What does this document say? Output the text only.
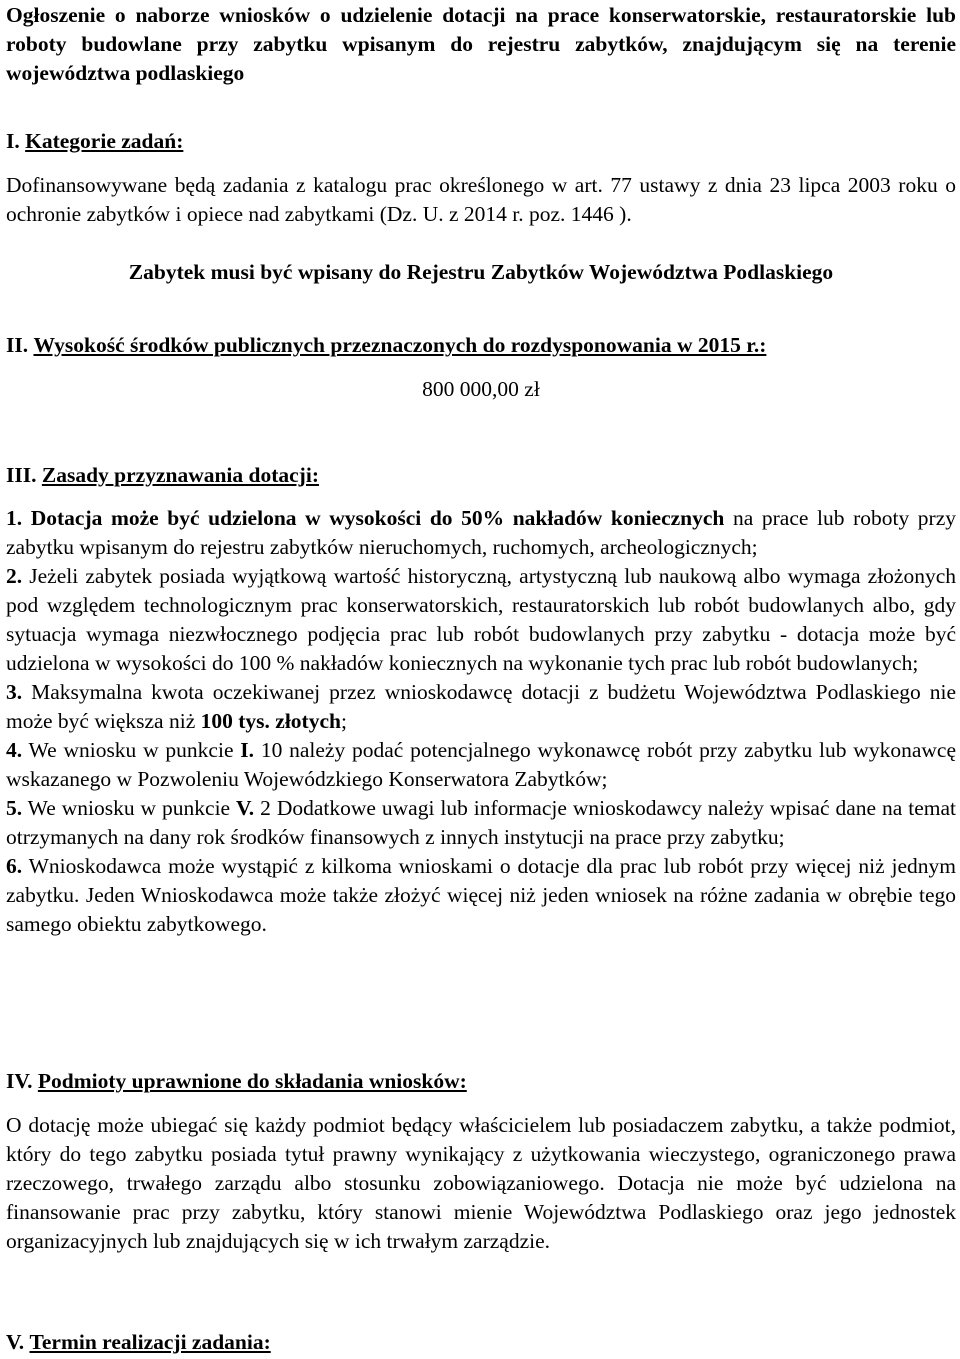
Ogłoszenie o naborze wniosków o udzielenie dotacji na prace konserwatorskie, restauratorskie lub roboty budowlane przy zabytku wpisanym do rejestru zabytków, znajdującym się na terenie województwa podlaskiego

I. Kategorie zadań:

Dofinansowywane będą zadania z katalogu prac określonego w art. 77 ustawy z dnia 23 lipca 2003 roku o ochronie zabytków i opiece nad zabytkami (Dz. U. z 2014 r. poz. 1446 ).

Zabytek musi być wpisany do Rejestru Zabytków Województwa Podlaskiego

II. Wysokość środków publicznych przeznaczonych do rozdysponowania w 2015 r.:

800 000,00 zł

III. Zasady przyznawania dotacji:

1. Dotacja może być udzielona w wysokości do 50% nakładów koniecznych na prace lub roboty przy zabytku wpisanym do rejestru zabytków nieruchomych, ruchomych, archeologicznych;

2. Jeżeli zabytek posiada wyjątkową wartość historyczną, artystyczną lub naukową albo wymaga złożonych pod względem technologicznym prac konserwatorskich, restauratorskich lub robót budowlanych albo, gdy sytuacja wymaga niezwłocznego podjęcia prac lub robót budowlanych przy zabytku - dotacja może być udzielona w wysokości do 100 % nakładów koniecznych na wykonanie tych prac lub robót budowlanych;

3. Maksymalna kwota oczekiwanej przez wnioskodawcę dotacji z budżetu Województwa Podlaskiego nie może być większa niż 100 tys. złotych;

4. We wniosku w punkcie I. 10 należy podać potencjalnego wykonawcę robót przy zabytku lub wykonawcę wskazanego w Pozwoleniu Wojewódzkiego Konserwatora Zabytków;

5. We wniosku w punkcie V. 2 Dodatkowe uwagi lub informacje wnioskodawcy należy wpisać dane na temat otrzymanych na dany rok środków finansowych z innych instytucji na prace przy zabytku;

6. Wnioskodawca może wystąpić z kilkoma wnioskami o dotacje dla prac lub robót przy więcej niż jednym zabytku. Jeden Wnioskodawca może także złożyć więcej niż jeden wniosek na różne zadania w obrębie tego samego obiektu zabytkowego.

IV. Podmioty uprawnione do składania wniosków:

O dotację może ubiegać się każdy podmiot będący właścicielem lub posiadaczem zabytku, a także podmiot, który do tego zabytku posiada tytuł prawny wynikający z użytkowania wieczystego, ograniczonego prawa rzeczowego, trwałego zarządu albo stosunku zobowiązaniowego. Dotacja nie może być udzielona na finansowanie prac przy zabytku, który stanowi mienie Województwa Podlaskiego oraz jego jednostek organizacyjnych lub znajdujących się w ich trwałym zarządzie.

V. Termin realizacji zadania:
